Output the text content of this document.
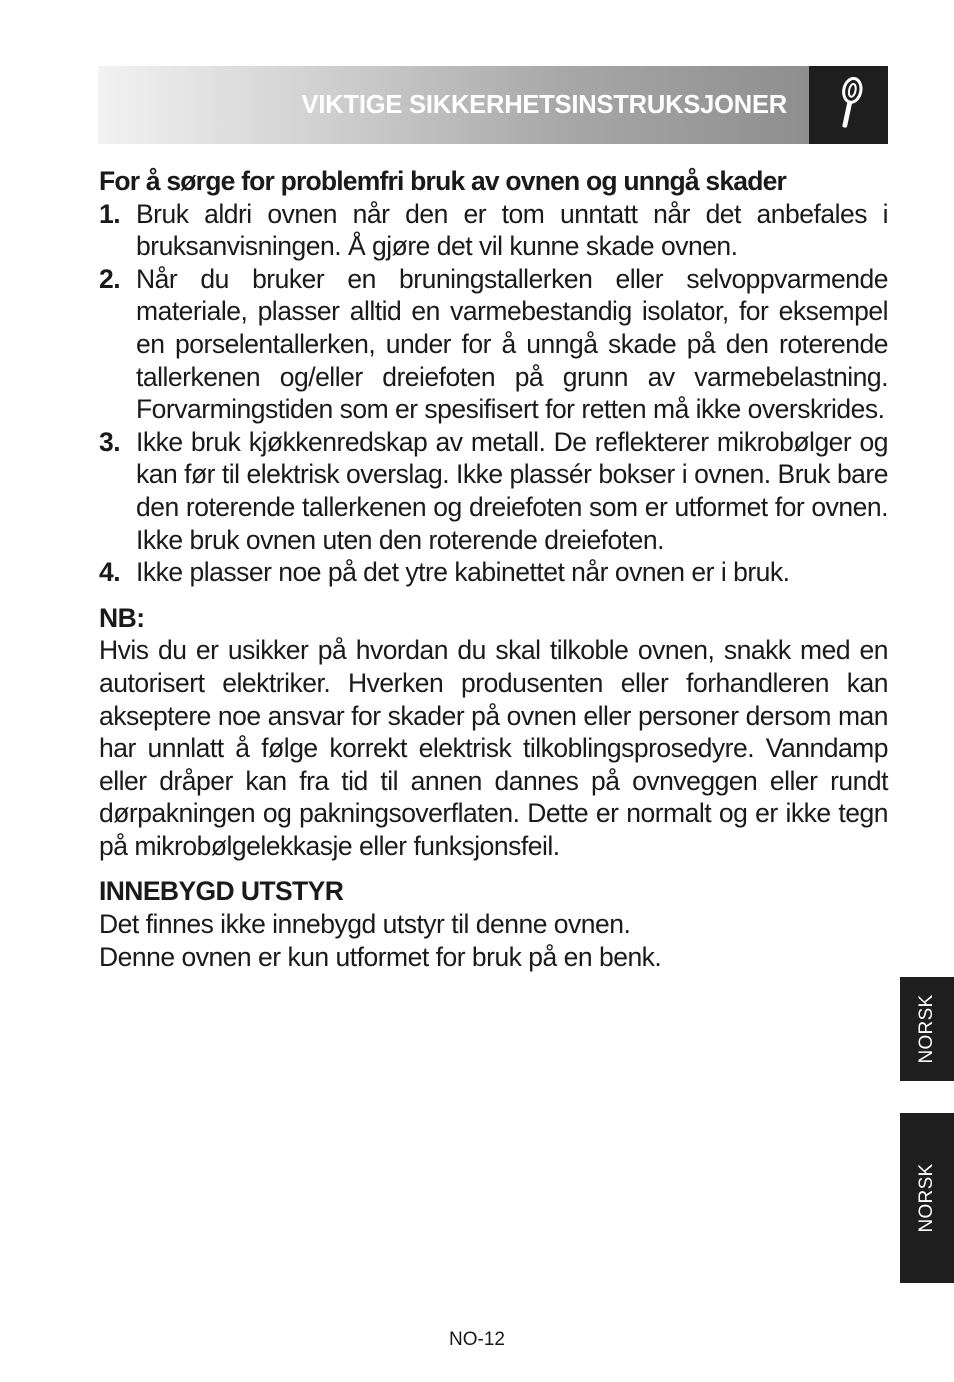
VIKTIGE SIKKERHETSINSTRUKSJONER
For å sørge for problemfri bruk av ovnen og unngå skader
1. Bruk aldri ovnen når den er tom unntatt når det anbefales i bruksanvisningen. Å gjøre det vil kunne skade ovnen.
2. Når du bruker en bruningstallerken eller selvoppvarmende materiale, plasser alltid en varmebestandig isolator, for eksempel en porselentallerken, under for å unngå skade på den roterende tallerkenen og/eller dreiefoten på grunn av varmebelastning. Forvarmingstiden som er spesifisert for retten må ikke overskrides.
3. Ikke bruk kjøkkenredskap av metall. De reflekterer mikrobølger og kan før til elektrisk overslag. Ikke plassér bokser i ovnen. Bruk bare den roterende tallerkenen og dreiefoten som er utformet for ovnen. Ikke bruk ovnen uten den roterende dreiefoten.
4. Ikke plasser noe på det ytre kabinettet når ovnen er i bruk.
NB:
Hvis du er usikker på hvordan du skal tilkoble ovnen, snakk med en autorisert elektriker. Hverken produsenten eller forhandleren kan akseptere noe ansvar for skader på ovnen eller personer dersom man har unnlatt å følge korrekt elektrisk tilkoblingsprosedyre. Vanndamp eller dråper kan fra tid til annen dannes på ovnveggen eller rundt dørpakningen og pakningsoverflaten. Dette er normalt og er ikke tegn på mikrobølgelekkasje eller funksjonsfeil.
INNEBYGD UTSTYR
Det finnes ikke innebygd utstyr til denne ovnen.
Denne ovnen er kun utformet for bruk på en benk.
NORSK
NORSK
NO-12
